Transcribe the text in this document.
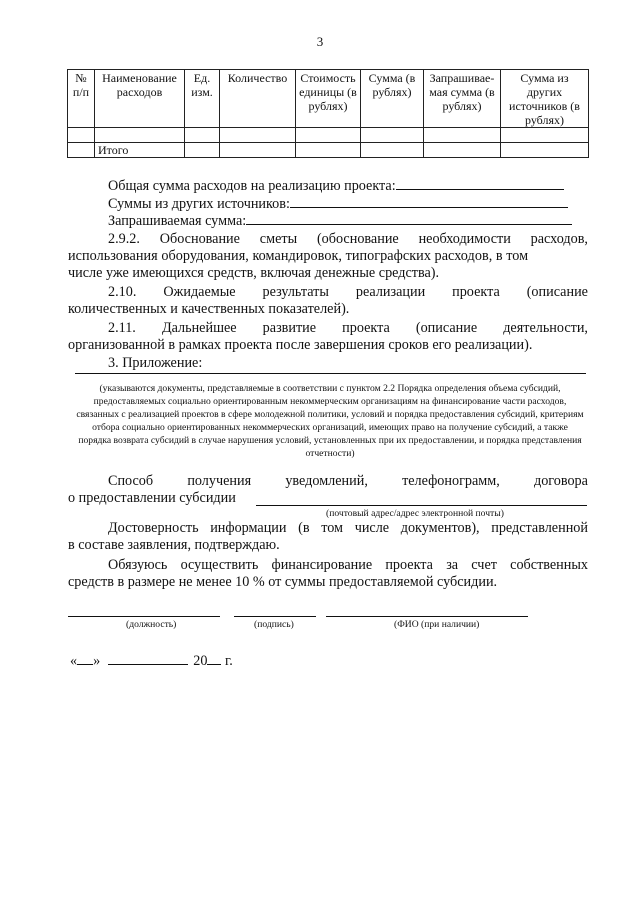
3
№ п/п	Наименование расходов	Ед. изм.	Количество	Стоимость единицы (в рублях)	Сумма (в рублях)	Запрашивае-мая сумма (в рублях)	Сумма из других источников (в рублях)

	Итого						
Общая сумма расходов на реализацию проекта:
Суммы из других источников:
Запрашиваемая сумма:
2.9.2. Обоснование сметы (обоснование необходимости расходов,
использования оборудования, командировок, типографских расходов, в том
числе уже имеющихся средств, включая денежные средства).
2.10. Ожидаемые результаты реализации проекта (описание
количественных и качественных показателей).
2.11. Дальнейшее развитие проекта (описание деятельности,
организованной в рамках проекта после завершения сроков его реализации).
3. Приложение:
(указываются документы, представляемые в соответствии с пунктом 2.2 Порядка определения объема субсидий, предоставляемых социально ориентированным некоммерческим организациям на финансирование части расходов, связанных с реализацией проектов в сфере молодежной политики, условий и порядка предоставления субсидий, критериям отбора социально ориентированных некоммерческих организаций, имеющих право на получение субсидий, а также порядка возврата субсидий в случае нарушения условий, установленных при их предоставлении, и порядка представления отчетности)
Способ получения уведомлений, телефонограмм, договора
о предоставлении субсидии
(почтовый адрес/адрес электронной почты)
Достоверность информации (в том числе документов), представленной
в составе заявления, подтверждаю.
Обязуюсь осуществить финансирование проекта за счет собственных
средств в размере не менее 10 % от суммы предоставляемой субсидии.
(должность)	(подпись)	(ФИО (при наличии)
« »	20 г.
